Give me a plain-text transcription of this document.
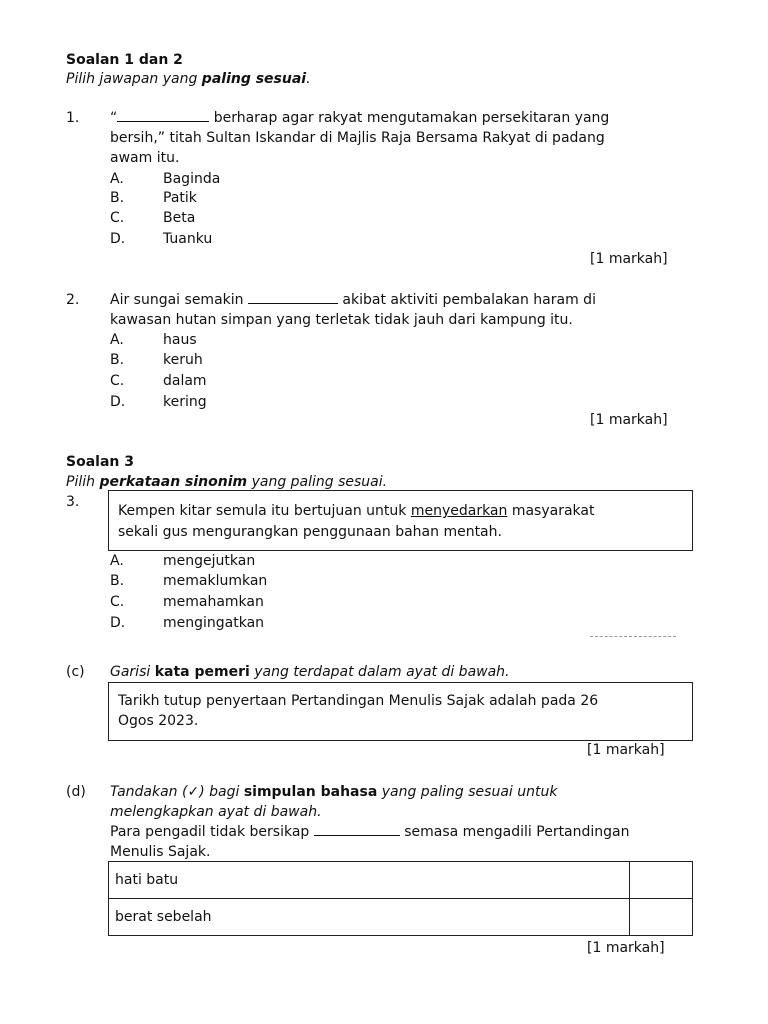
Soalan 1 dan 2
Pilih jawapan yang paling sesuai.
1. “	berharap agar rakyat mengutamakan persekitaran yang
bersih,” titah Sultan Iskandar di Majlis Raja Bersama Rakyat di padang
awam itu.
A.	Baginda
B.	Patik
C.	Beta
D.	Tuanku
[1 markah]
2. Air sungai semakin	akibat aktiviti pembalakan haram di
kawasan hutan simpan yang terletak tidak jauh dari kampung itu.
A.	haus
B.	keruh
C.	dalam
D.	kering
[1 markah]
Soalan 3
Pilih perkataan sinonim yang paling sesuai.
3.
Kempen kitar semula itu bertujuan untuk menyedarkan masyarakat
sekali gus mengurangkan penggunaan bahan mentah.
A.	mengejutkan
B.	memaklumkan
C.	memahamkan
D.	mengingatkan
(c) Garisi kata pemeri yang terdapat dalam ayat di bawah.
Tarikh tutup penyertaan Pertandingan Menulis Sajak adalah pada 26
Ogos 2023.
[1 markah]
(d) Tandakan (✓) bagi simpulan bahasa yang paling sesuai untuk
melengkapkan ayat di bawah.
Para pengadil tidak bersikap	semasa mengadili Pertandingan
Menulis Sajak.
hati batu	
berat sebelah	
[1 markah]
